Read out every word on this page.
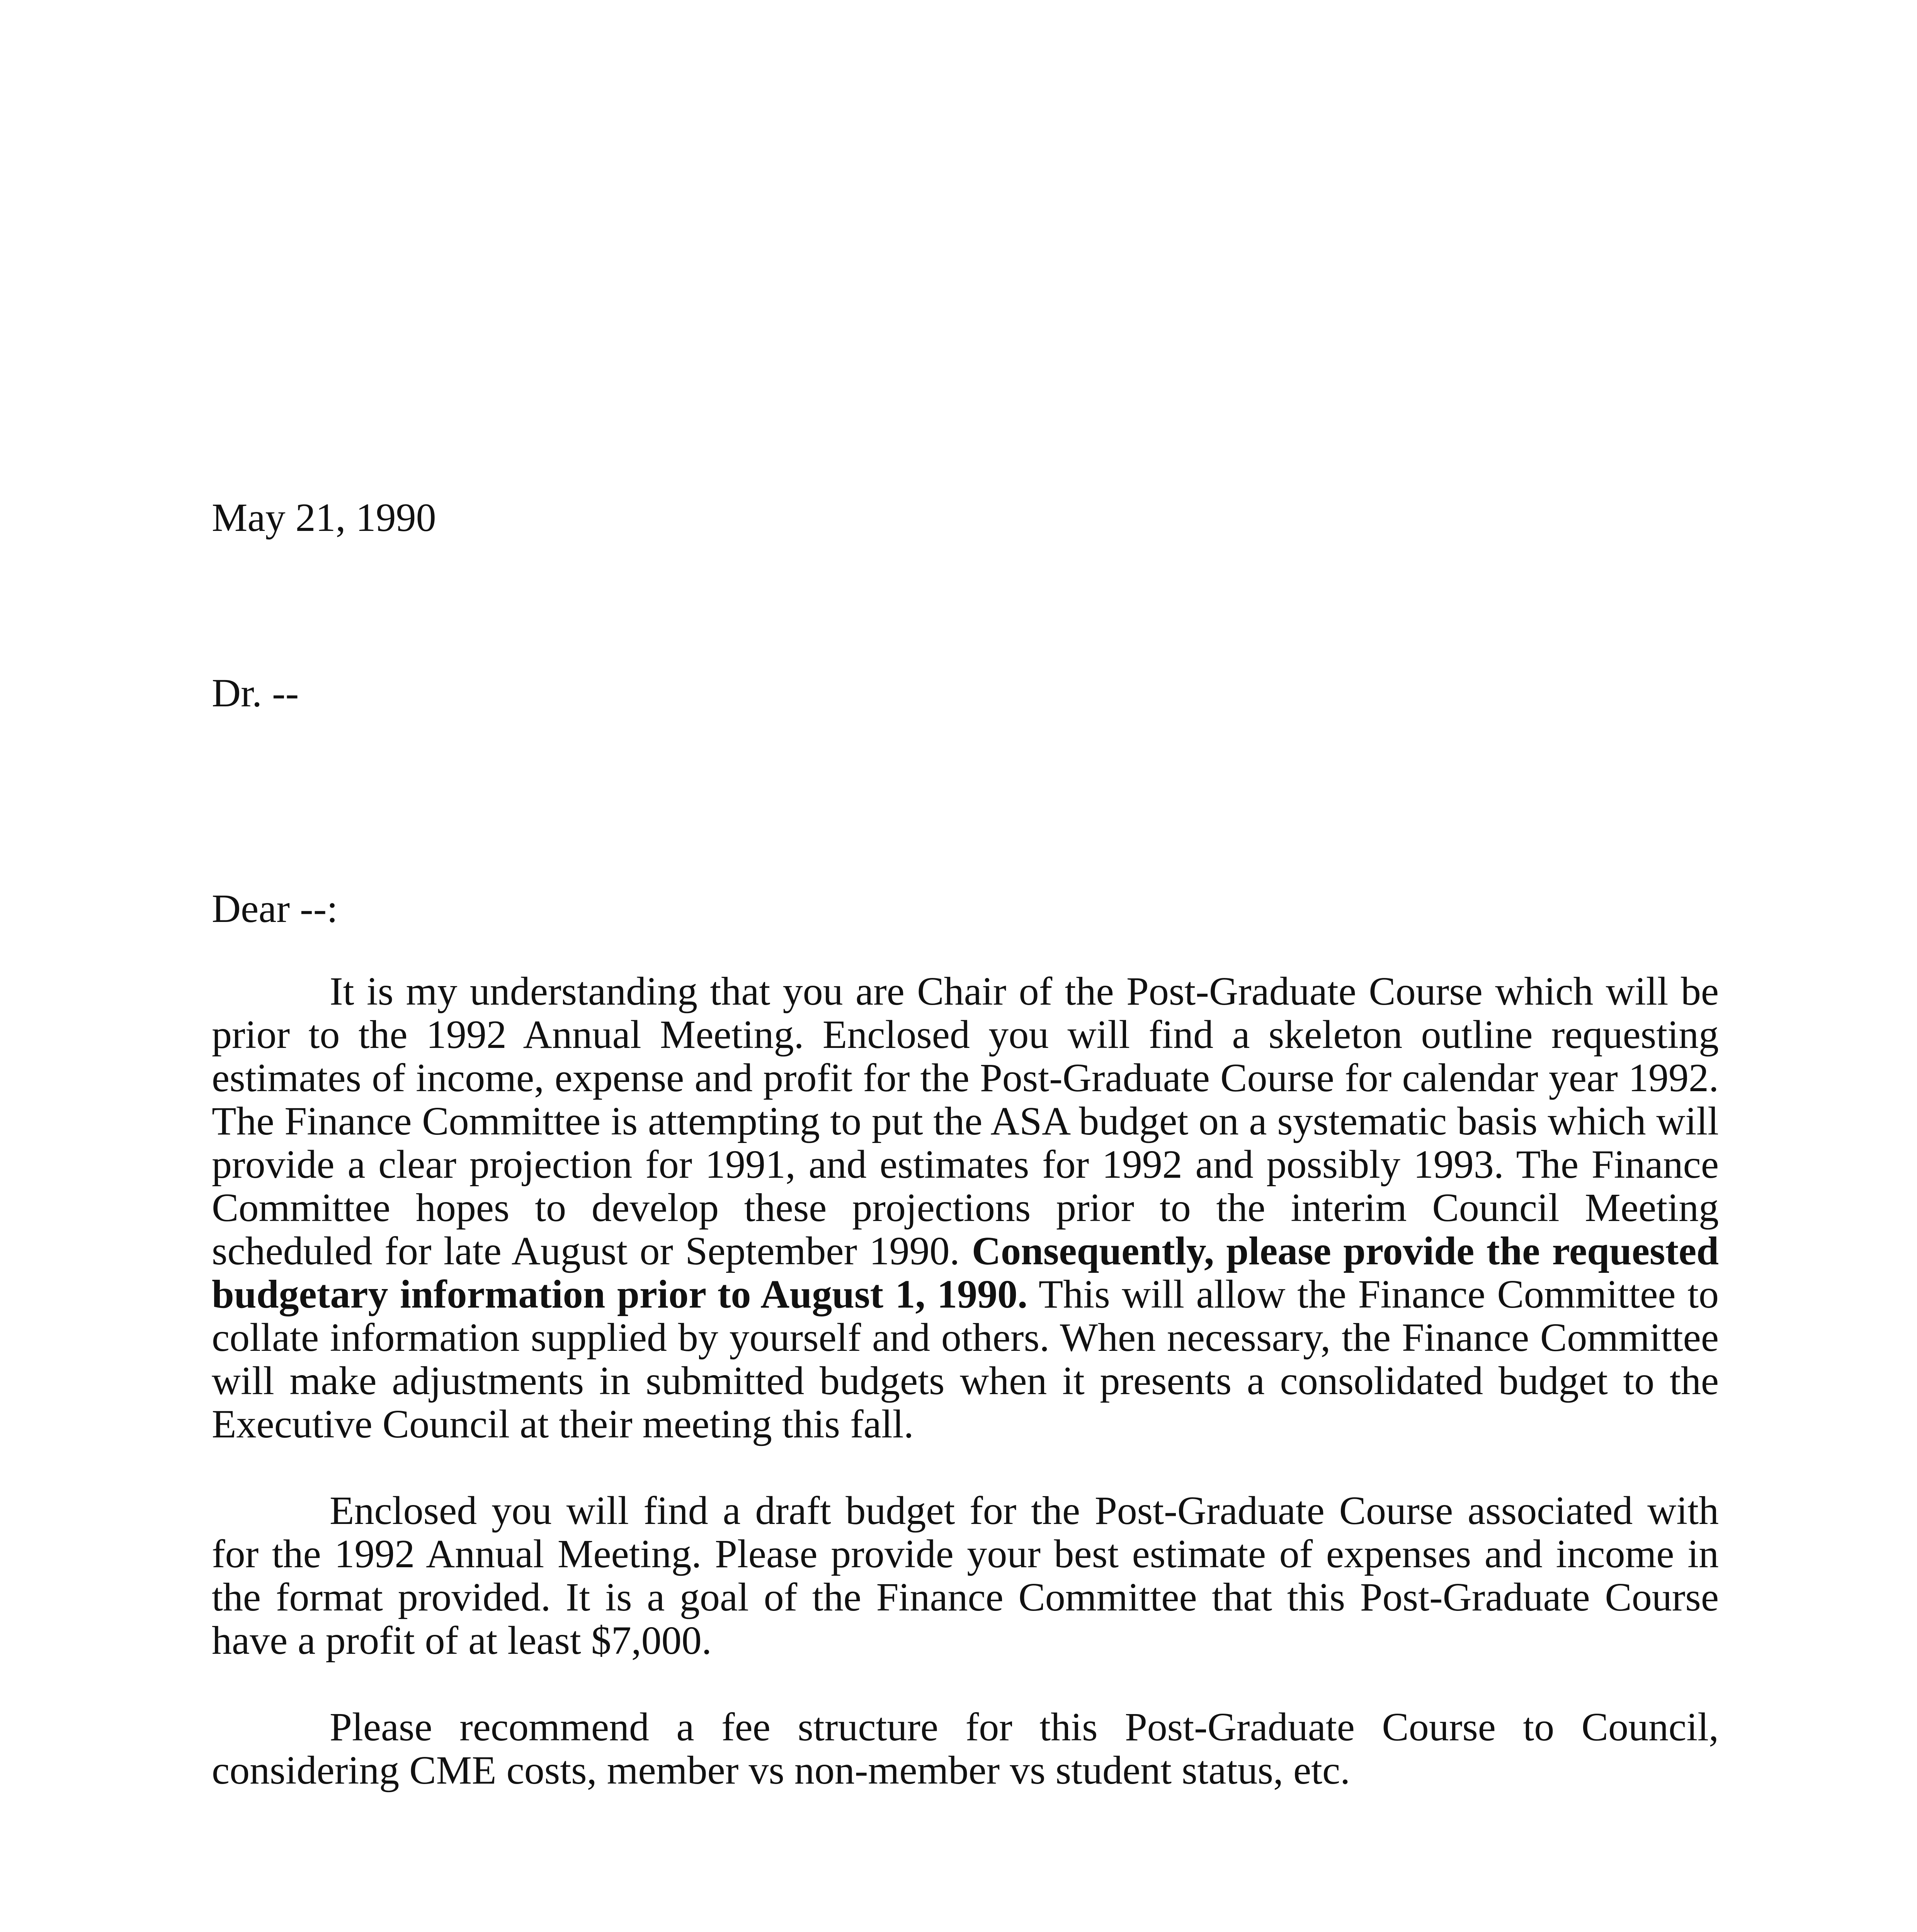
May 21, 1990
Dr. --
Dear --:

It is my understanding that you are Chair of the Post-Graduate Course which will be prior to the 1992 Annual Meeting. Enclosed you will find a skeleton outline requesting estimates of income, expense and profit for the Post-Graduate Course for calendar year 1992. The Finance Committee is attempting to put the ASA budget on a systematic basis which will provide a clear projection for 1991, and estimates for 1992 and possibly 1993. The Finance Committee hopes to develop these projections prior to the interim Council Meeting scheduled for late August or September 1990. Consequently, please provide the requested budgetary information prior to August 1, 1990. This will allow the Finance Committee to collate information supplied by yourself and others. When necessary, the Finance Committee will make adjustments in submitted budgets when it presents a consolidated budget to the Executive Council at their meeting this fall.

Enclosed you will find a draft budget for the Post-Graduate Course associated with for the 1992 Annual Meeting. Please provide your best estimate of expenses and income in the format provided. It is a goal of the Finance Committee that this Post-Graduate Course have a profit of at least $7,000.

Please recommend a fee structure for this Post-Graduate Course to Council, considering CME costs, member vs non-member vs student status, etc.
